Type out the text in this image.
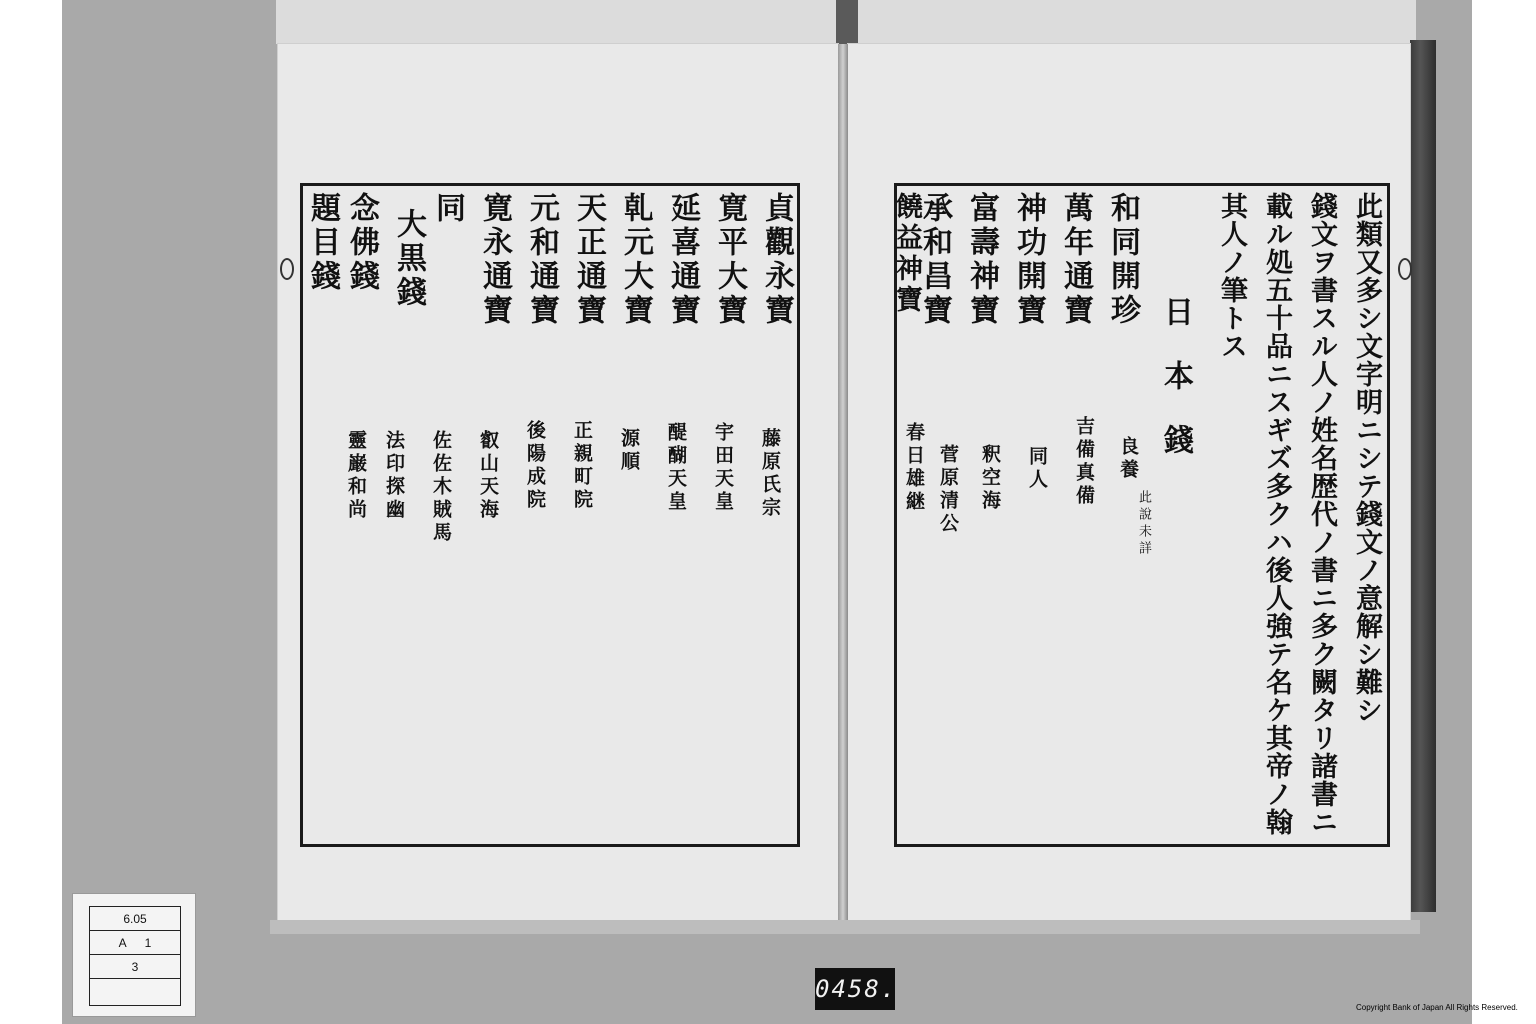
貞觀永寶
寛平大寶
延喜通寶
乹元大寶
天正通寶
元和通寶
寛永通寶
同
大黒錢
念佛錢
題目錢
藤原氏宗
宇田天皇
醍醐天皇
源順
正親町院
後陽成院
叡山天海
佐佐木賊馬
法印探幽
靈巌和尚	此類又多シ文字明ニシテ錢文ノ意解シ難シ
錢文ヲ書スル人ノ姓名歴代ノ書ニ多ク闕タリ諸書ニ
載ル処五十品ニスギズ多クハ後人強テ名ケ其帝ノ翰
其人ノ筆トス
日本錢
和同開珍
萬年通寶
神功開寶
富壽神寶
承和昌寶
饒益神寶
良養
此說未詳
吉備真備
同人
釈空海
菅原清公
春日雄継
6.05
A 1
3
0458.
Copyright Bank of Japan All Rights Reserved.
